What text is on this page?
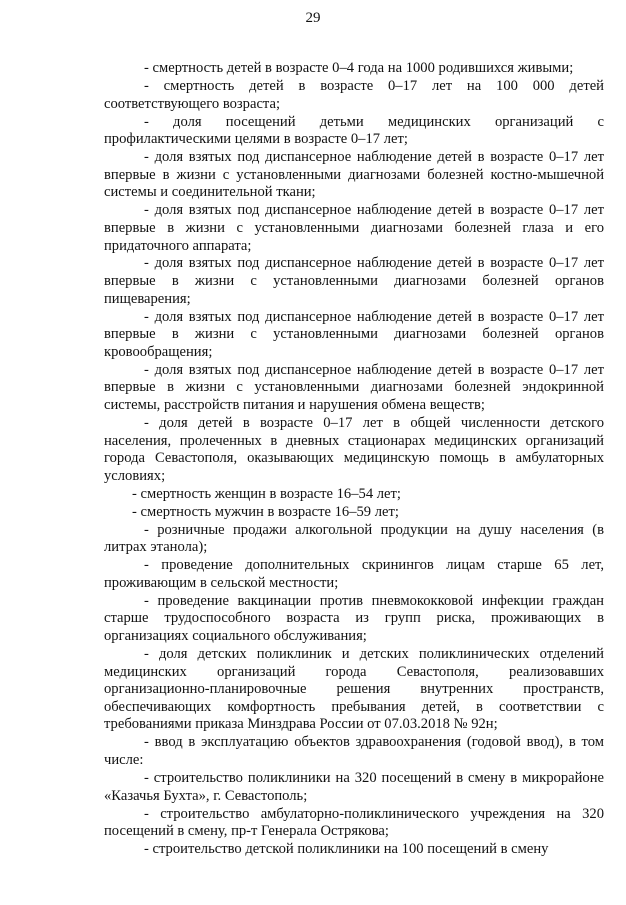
29

- смертность детей в возрасте 0–4 года на 1000 родившихся живыми;

- смертность детей в возрасте 0–17 лет на 100 000 детей соответствующего возраста;

- доля посещений детьми медицинских организаций с профилактическими целями в возрасте 0–17 лет;

- доля взятых под диспансерное наблюдение детей в возрасте 0–17 лет впервые в жизни с установленными диагнозами болезней костно-мышечной системы и соединительной ткани;

- доля взятых под диспансерное наблюдение детей в возрасте 0–17 лет впервые в жизни с установленными диагнозами болезней глаза и его придаточного аппарата;

- доля взятых под диспансерное наблюдение детей в возрасте 0–17 лет впервые в жизни с установленными диагнозами болезней органов пищеварения;

- доля взятых под диспансерное наблюдение детей в возрасте 0–17 лет впервые в жизни с установленными диагнозами болезней органов кровообращения;

- доля взятых под диспансерное наблюдение детей в возрасте 0–17 лет впервые в жизни с установленными диагнозами болезней эндокринной системы, расстройств питания и нарушения обмена веществ;

- доля детей в возрасте 0–17 лет в общей численности детского населения, пролеченных в дневных стационарах медицинских организаций города Севастополя, оказывающих медицинскую помощь в амбулаторных условиях;

- смертность женщин в возрасте 16–54 лет;

- смертность мужчин в возрасте 16–59 лет;

- розничные продажи алкогольной продукции на душу населения (в литрах этанола);

- проведение дополнительных скринингов лицам старше 65 лет, проживающим в сельской местности;

- проведение вакцинации против пневмококковой инфекции граждан старше трудоспособного возраста из групп риска, проживающих в организациях социального обслуживания;

- доля детских поликлиник и детских поликлинических отделений медицинских организаций города Севастополя, реализовавших организационно-планировочные решения внутренних пространств, обеспечивающих комфортность пребывания детей, в соответствии с требованиями приказа Минздрава России от 07.03.2018 № 92н;

- ввод в эксплуатацию объектов здравоохранения (годовой ввод), в том числе:

- строительство поликлиники на 320 посещений в смену в микрорайоне «Казачья Бухта», г. Севастополь;

- строительство амбулаторно-поликлинического учреждения на 320 посещений в смену, пр-т Генерала Острякова;

- строительство детской поликлиники на 100 посещений в смену
